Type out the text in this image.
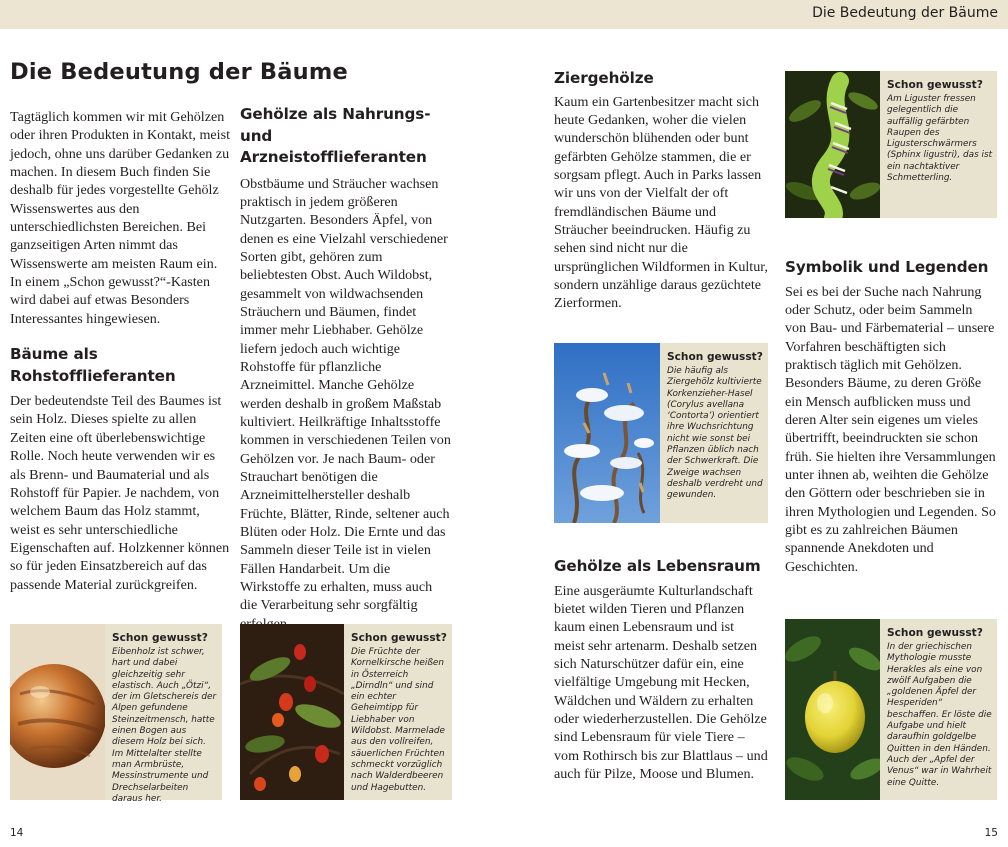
Die Bedeutung der Bäume
Die Bedeutung der Bäume

Tagtäglich kommen wir mit Gehölzen oder ihren Produkten in Kontakt, meist jedoch, ohne uns darüber Gedanken zu machen. In diesem Buch finden Sie deshalb für jedes vorgestellte Gehölz Wissenswertes aus den unterschiedlichsten Bereichen. Bei ganzseitigen Arten nimmt das Wissenswerte am meisten Raum ein. In einem „Schon gewusst?“-Kasten wird dabei auf etwas Besonders Interessantes hingewiesen.

Bäume als Rohstofflieferanten

Der bedeutendste Teil des Baumes ist sein Holz. Dieses spielte zu allen Zeiten eine oft überlebenswichtige Rolle. Noch heute verwenden wir es als Brenn- und Baumaterial und als Rohstoff für Papier. Je nachdem, von welchem Baum das Holz stammt, weist es sehr unterschiedliche Eigenschaften auf. Holzkenner können so für jeden Einsatzbereich auf das passende Material zurückgreifen.

Gehölze als Nahrungs- und Arzneistofflieferanten

Obstbäume und Sträucher wachsen praktisch in jedem größeren Nutzgarten. Besonders Äpfel, von denen es eine Vielzahl verschiedener Sorten gibt, gehören zum beliebtesten Obst. Auch Wildobst, gesammelt von wildwachsenden Sträuchern und Bäumen, findet immer mehr Liebhaber. Gehölze liefern jedoch auch wichtige Rohstoffe für pflanzliche Arzneimittel. Manche Gehölze werden deshalb in großem Maßstab kultiviert. Heilkräftige Inhaltsstoffe kommen in verschiedenen Teilen von Gehölzen vor. Je nach Baum- oder Strauchart benötigen die Arzneimittelhersteller deshalb Früchte, Blätter, Rinde, seltener auch Blüten oder Holz. Die Ernte und das Sammeln dieser Teile ist in vielen Fällen Handarbeit. Um die Wirkstoffe zu erhalten, muss auch die Verarbeitung sehr sorgfältig

Ziergehölze

Kaum ein Gartenbesitzer macht sich heute Gedanken, woher die vielen wunderschön blühenden oder bunt gefärbten Gehölze stammen, die er sorgsam pflegt. Auch in Parks lassen wir uns von der Vielfalt der oft fremdländischen Bäume und Sträucher beeindrucken. Häufig zu sehen sind nicht nur die ursprünglichen Wildformen in Kultur, sondern unzählige daraus gezüchtete Zierformen.

Gehölze als Lebensraum

Eine ausgeräumte Kulturlandschaft bietet wilden Tieren und Pflanzen kaum einen Lebensraum und ist meist sehr artenarm. Deshalb setzen sich Naturschützer dafür ein, eine vielfältige Umgebung mit Hecken, Wäldchen und Wäldern zu erhalten oder wiederherzustellen. Die Gehölze sind Lebensraum für viele Tiere – vom Rothirsch bis zur Blattlaus – und auch für Pilze, Moose und Blumen.

Symbolik und Legenden

Sei es bei der Suche nach Nahrung oder Schutz, oder beim Sammeln von Bau- und Färbematerial – unsere Vorfahren beschäftigten sich praktisch täglich mit Gehölzen. Besonders Bäume, zu deren Größe ein Mensch aufblicken muss und deren Alter sein eigenes um vieles übertrifft, beeindruckten sie schon früh. Sie hielten ihre Versammlungen unter ihnen ab, weihten die Gehölze den Göttern oder beschrieben sie in ihren Mythologien und Legenden. So gibt es zu zahlreichen Bäumen spannende Anekdoten und Geschichten.

Schon gewusst?
Eibenholz ist schwer, hart und dabei gleichzeitig sehr elastisch. Auch „Ötzi“, der im Gletschereis der Alpen gefundene Steinzeitmensch, hatte einen Bogen aus diesem Holz bei sich. Im Mittelalter stellte man Armbrüste, Messinstrumente und Drechselarbeiten daraus her.
Schon gewusst?
Die Früchte der Kornelkirsche heißen in Österreich „Dirndln“ und sind ein echter Geheimtipp für Liebhaber von Wildobst. Marmelade aus den vollreifen, säuerlichen Früchten schmeckt vorzüglich nach Walderdbeeren und Hagebutten.
Schon gewusst?
Die häufig als Ziergehölz kultivierte Korkenzieher-Hasel (Corylus avellana ‘Contorta’) orientiert ihre Wuchsrichtung nicht wie sonst bei Pflanzen üblich nach der Schwerkraft. Die Zweige wachsen deshalb verdreht und gewunden.
Schon gewusst?
Am Liguster fressen gelegentlich die auffällig gefärbten Raupen des Ligusterschwärmers (Sphinx ligustri), das ist ein nachtaktiver Schmetterling.
Schon gewusst?
In der griechischen Mythologie musste Herakles als eine von zwölf Aufgaben die „goldenen Äpfel der Hesperiden“ beschaffen. Er löste die Aufgabe und hielt daraufhin goldgelbe Quitten in den Händen. Auch der „Apfel der Venus“ war in Wahrheit eine Quitte.
14	15
